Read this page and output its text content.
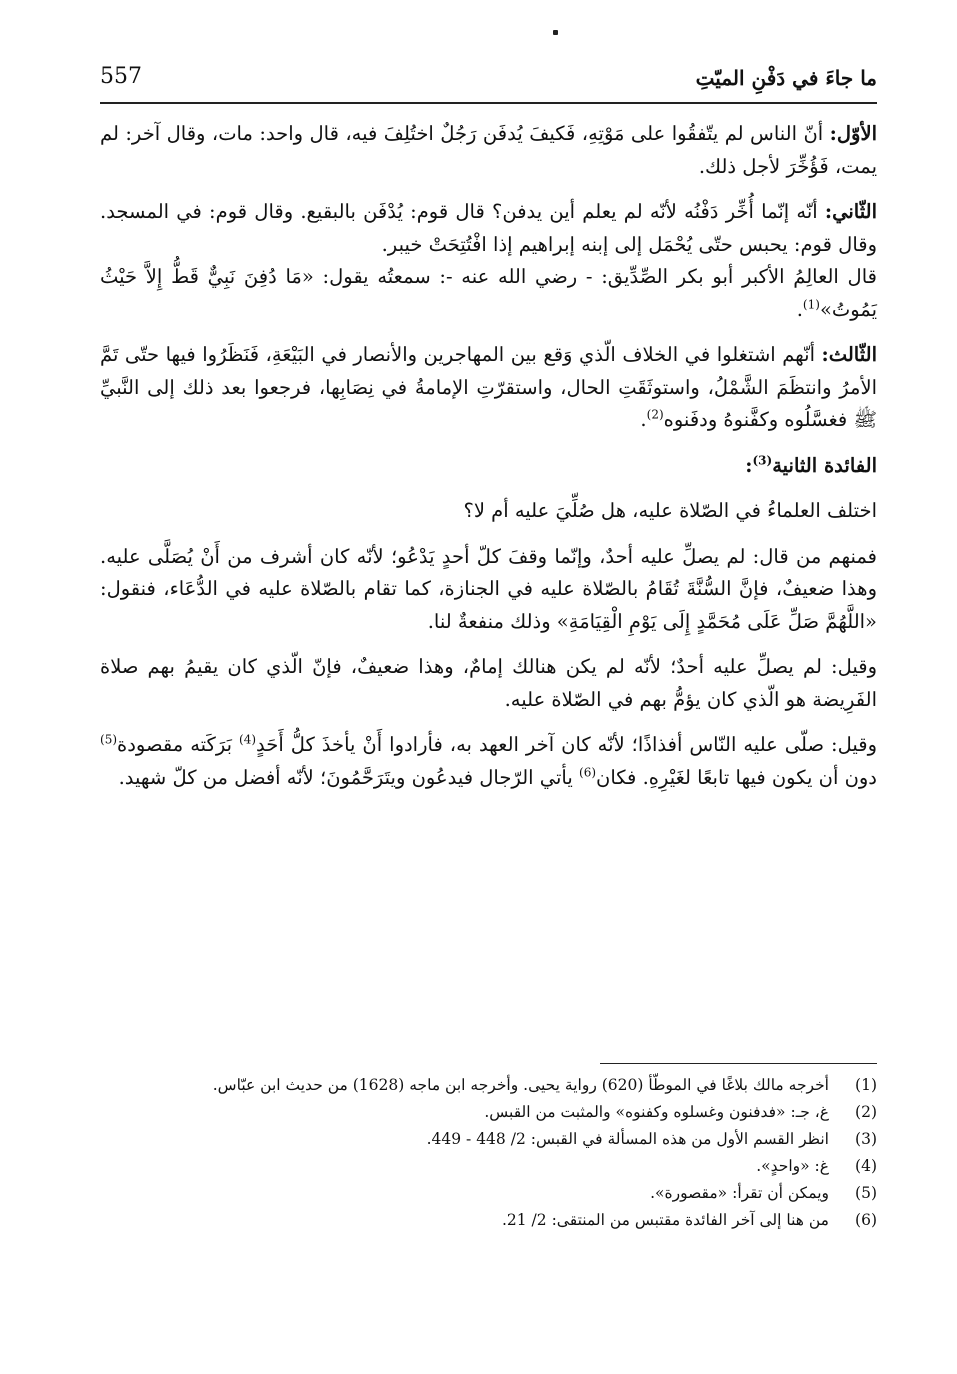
ما جاءَ في دَفْنِ الميّتِ
557

الأوّل: أنّ الناس لم يتّفقُوا على مَوْتِهِ، فَكيفَ يُدفَن رَجُلٌ اختُلِفَ فيه، قال واحد: مات، وقال آخر: لم يمت، فَؤُخِّرَ لأجل ذلك.

الثّاني: أنّه إنّما أُخِّر دَفْنُه لأنّه لم يعلم أين يدفن؟ قال قوم: يُدْفَن بالبقيع. وقال قوم: في المسجد. وقال قوم: يحبس حتّى يُحْمَل إلى إبنه إبراهيم إذا افْتُتِحَتْ خيبر.

قال العالِمُ الأكبر أبو بكر الصِّدِّيق: - رضي الله عنه -: سمعتُه يقول: «مَا دُفِنَ نَبِيٌّ قَطُّ إِلاَّ حَيْثُ يَمُوتُ»$^{(1)}$.

الثّالث: أنّهم اشتغلوا في الخلاف الّذي وَقع بين المهاجرين والأنصار في البَيْعَةِ، فَنَظَرُوا فيها حتّى تَمَّ الأمرُ وانتظَمَ الشَّمْلُ، واستوثَقَتِ الحال، واستقرّتِ الإمامةُ في نِصَابِها، فرجعوا بعد ذلك إلى النَّبيِّ ﷺ فغسَّلُوه وكفَّنوهُ ودفَنوه$^{(2)}$.

الفائدة الثانية$^{(3)}$:

اختلف العلماءُ في الصّلاة عليه، هل صُلِّيَ عليه أم لا؟

فمنهم من قال: لم يصلِّ عليه أحدٌ، وإنّما وقفَ كلّ أحدٍ يَدْعُو؛ لأنّه كان أشرف من أَنْ يُصَلَّى عليه. وهذا ضعيفٌ، فإنَّ السُّنَّةَ تُقَامُ بالصّلاة عليه في الجنازة، كما تقام بالصّلاة عليه في الدُّعَاء، فنقول: «اللَّهُمَّ صَلِّ عَلَى مُحَمَّدٍ إِلَى يَوْمِ الْقِيَامَةِ» وذلك منفعةٌ لنا.

وقيل: لم يصلِّ عليه أحدٌ؛ لأنّه لم يكن هنالك إمامٌ، وهذا ضعيفٌ، فإنّ الّذي كان يقيمُ بهم صلاة الفَرِيضة هو الّذي كان يؤمُّ بهم في الصّلاة عليه.

وقيل: صلّى عليه النّاس أفذاذًا؛ لأنّه كان آخر العهد به، فأرادوا أَنْ يأخذَ كلُّ أَحَدٍ$^{(4)}$ بَرَكَته مقصودة$^{(5)}$ دون أن يكون فيها تابعًا لغَيْرِهِ. فكان$^{(6)}$ يأتي الرّجال فيدعُون ويتَرَحَّمُونَ؛ لأنّه أفضل من كلّ شهيد.

(1)
أخرجه مالك بلاغًا في الموطّأ (620) رواية يحيى. وأخرجه ابن ماجه (1628) من حديث ابن عبّاس.
(2)
غ، جـ: «فدفنون وغسلوه وكفنوه» والمثبت من القبس.
(3)
انظر القسم الأول من هذه المسألة في القبس: 2/ 448 - 449.
(4)
غ: «واحدٍ».
(5)
ويمكن أن تقرأ: «مقصورة».
(6)
من هنا إلى آخر الفائدة مقتبس من المنتقى: 2/ 21.
